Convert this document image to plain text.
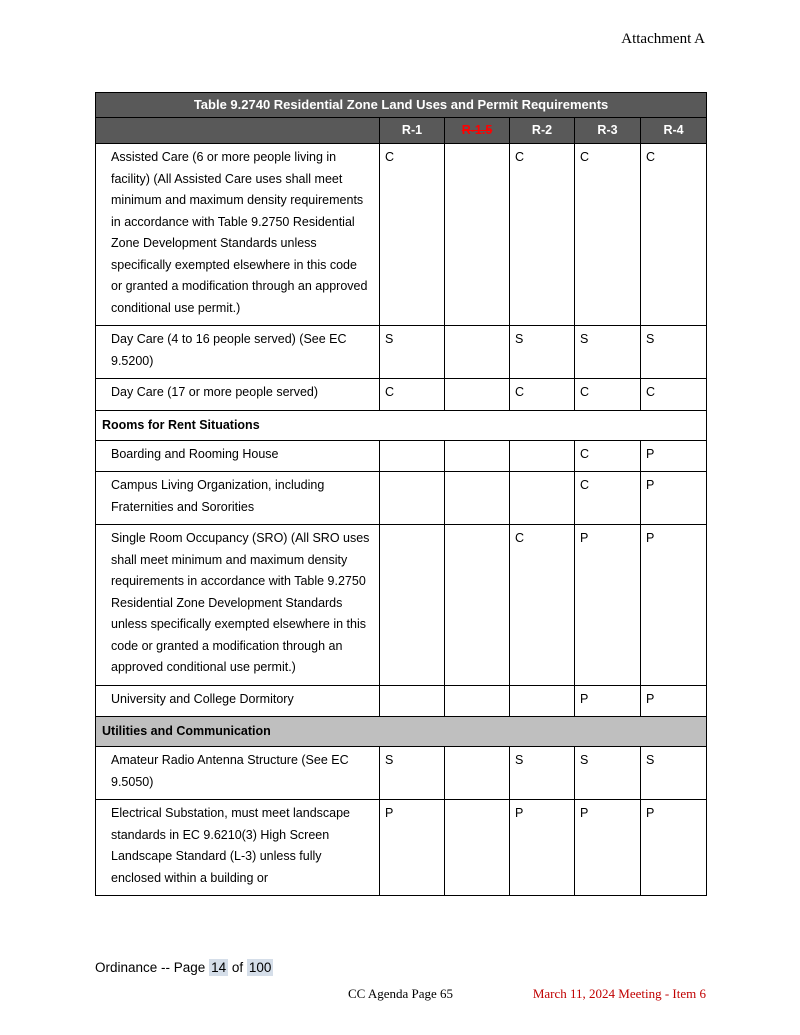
Attachment A
Table 9.2740 Residential Zone Land Uses and Permit Requirements					
	R-1	R-1.5	R-2	R-3	R-4
Assisted Care (6 or more people living in facility) (All Assisted Care uses shall meet minimum and maximum density requirements in accordance with Table 9.2750 Residential Zone Development Standards unless specifically exempted elsewhere in this code or granted a modification through an approved conditional use permit.)	C		C	C	C
Day Care (4 to 16 people served) (See EC 9.5200)	S		S	S	S
Day Care (17 or more people served)	C		C	C	C
Rooms for Rent Situations					
Boarding and Rooming House				C	P
Campus Living Organization, including Fraternities and Sororities				C	P
Single Room Occupancy (SRO) (All SRO uses shall meet minimum and maximum density requirements in accordance with Table 9.2750 Residential Zone Development Standards unless specifically exempted elsewhere in this code or granted a modification through an approved conditional use permit.)			C	P	P
University and College Dormitory				P	P
Utilities and Communication					
Amateur Radio Antenna Structure (See EC 9.5050)	S		S	S	S
Electrical Substation, must meet landscape standards in EC 9.6210(3) High Screen Landscape Standard (L-3) unless fully enclosed within a building or	P		P	P	P
Ordinance -- Page 14 of 100
CC Agenda Page 65	March 11, 2024 Meeting - Item 6
